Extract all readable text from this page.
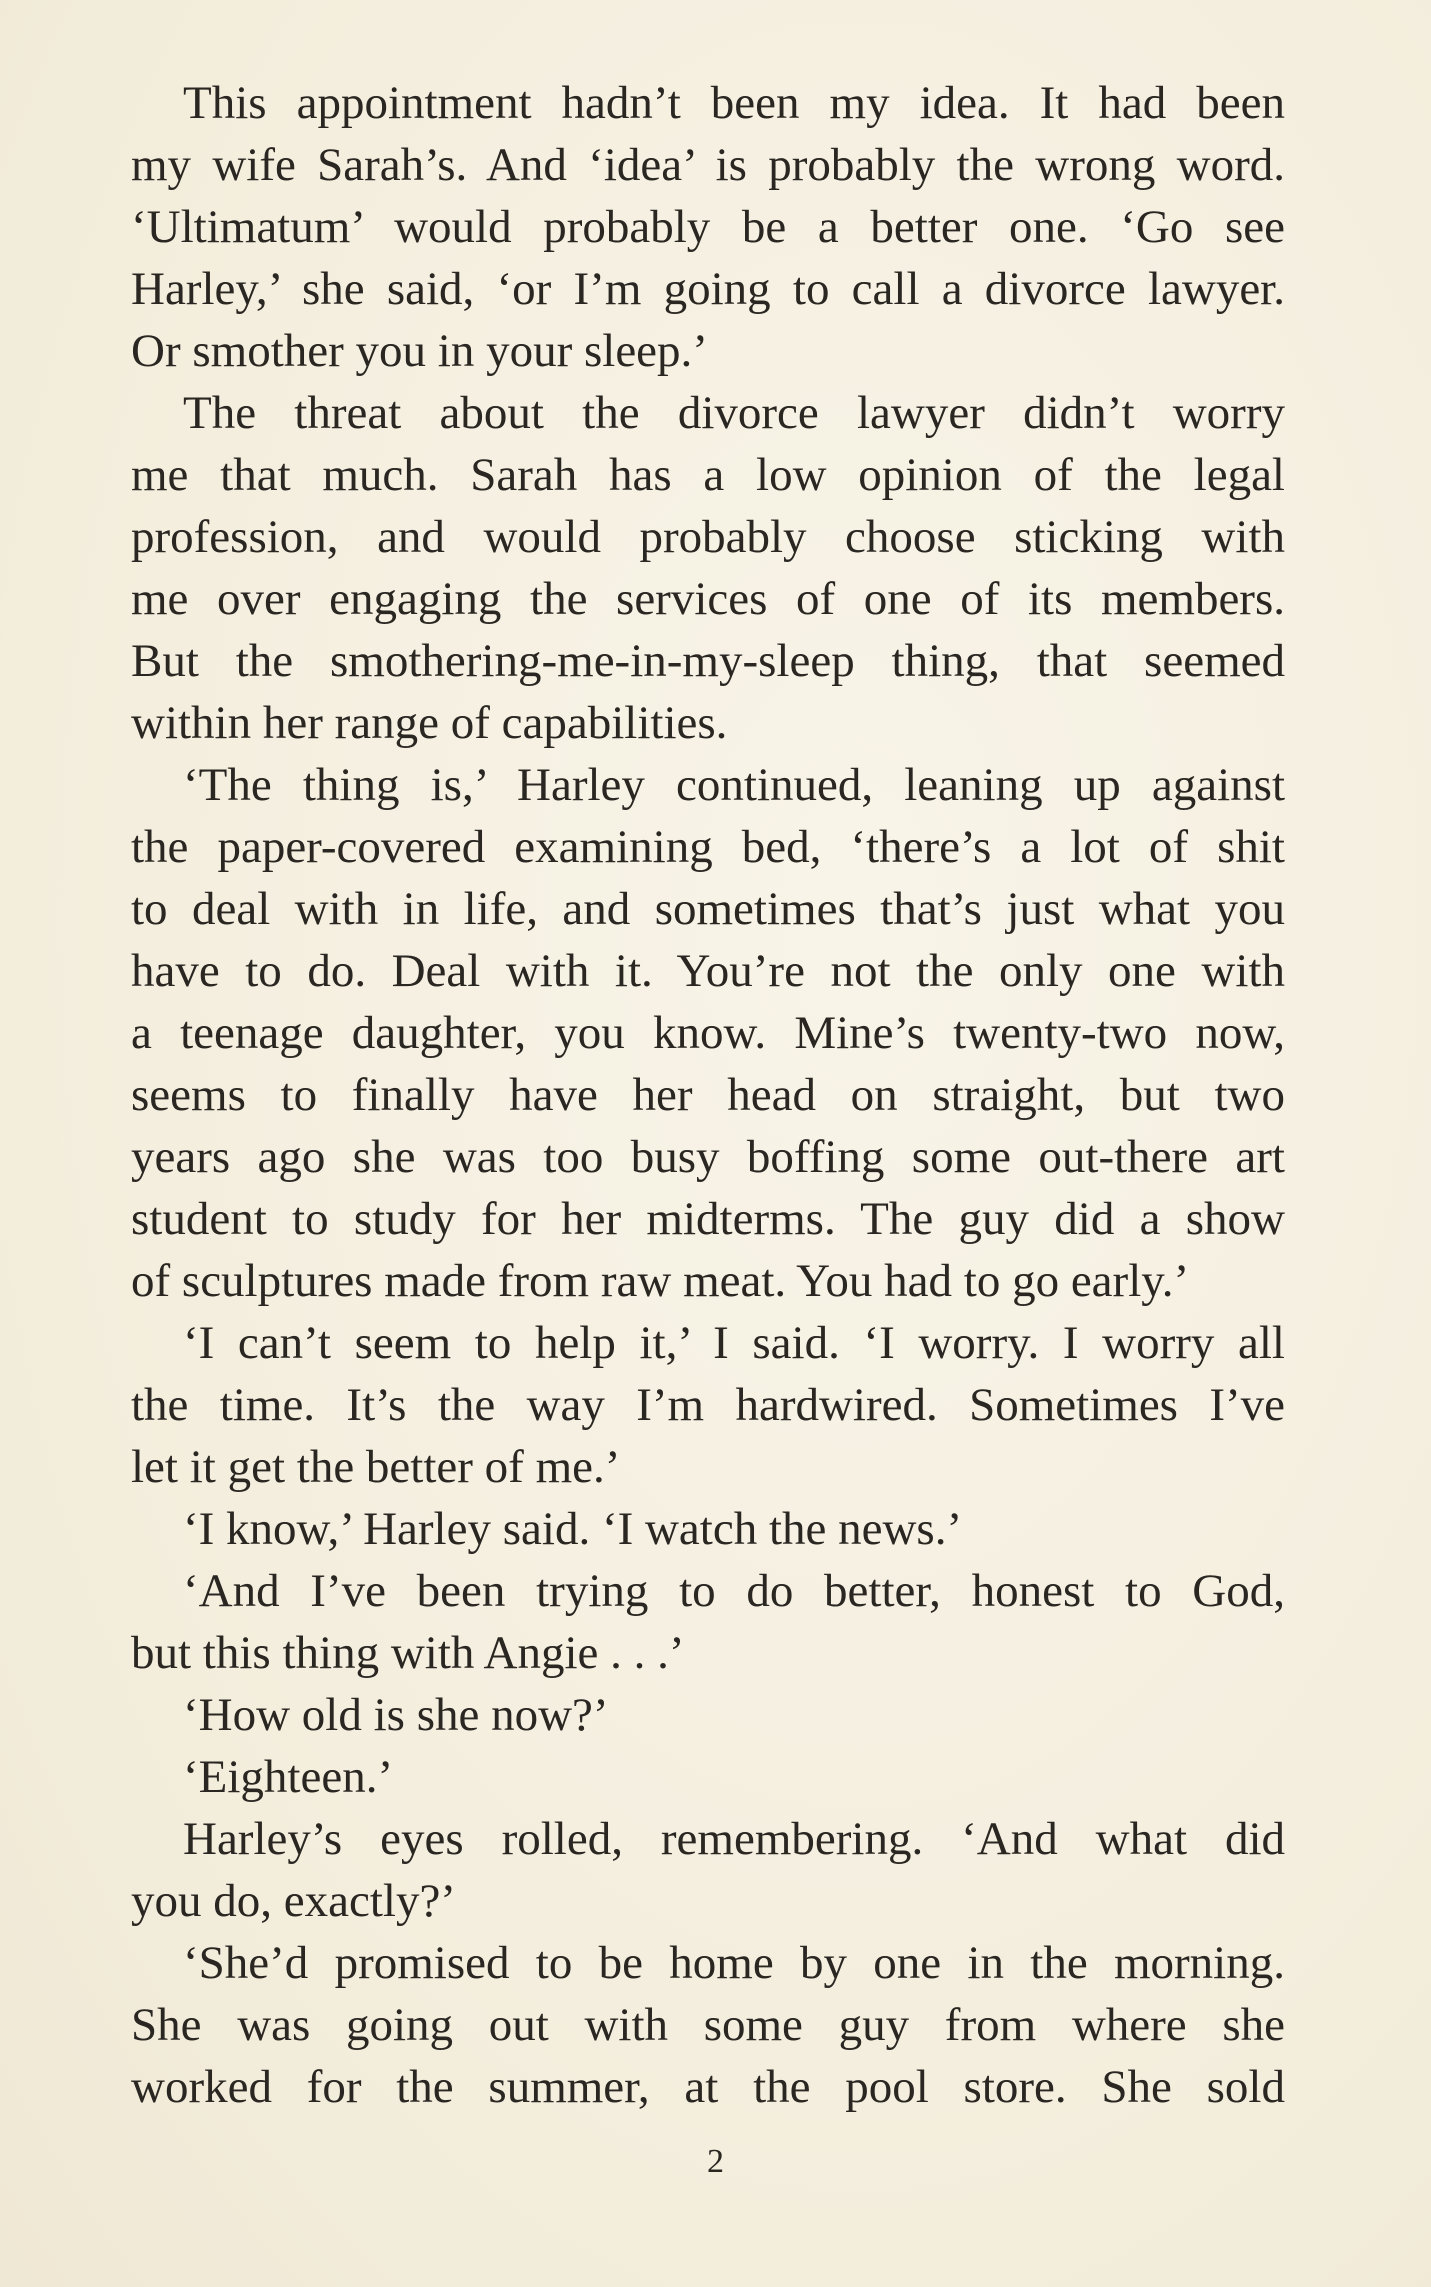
This appointment hadn’t been my idea. It had been
my wife Sarah’s. And ‘idea’ is probably the wrong word.
‘Ultimatum’ would probably be a better one. ‘Go see
Harley,’ she said, ‘or I’m going to call a divorce lawyer.
Or smother you in your sleep.’
The threat about the divorce lawyer didn’t worry
me that much. Sarah has a low opinion of the legal
profession, and would probably choose sticking with
me over engaging the services of one of its members.
But the smothering-me-in-my-sleep thing, that seemed
within her range of capabilities.
‘The thing is,’ Harley continued, leaning up against
the paper-covered examining bed, ‘there’s a lot of shit
to deal with in life, and sometimes that’s just what you
have to do. Deal with it. You’re not the only one with
a teenage daughter, you know. Mine’s twenty-two now,
seems to finally have her head on straight, but two
years ago she was too busy boffing some out-there art
student to study for her midterms. The guy did a show
of sculptures made from raw meat. You had to go early.’
‘I can’t seem to help it,’ I said. ‘I worry. I worry all
the time. It’s the way I’m hardwired. Sometimes I’ve
let it get the better of me.’
‘I know,’ Harley said. ‘I watch the news.’
‘And I’ve been trying to do better, honest to God,
but this thing with Angie . . .’
‘How old is she now?’
‘Eighteen.’
Harley’s eyes rolled, remembering. ‘And what did
you do, exactly?’
‘She’d promised to be home by one in the morning.
She was going out with some guy from where she
worked for the summer, at the pool store. She sold
2
